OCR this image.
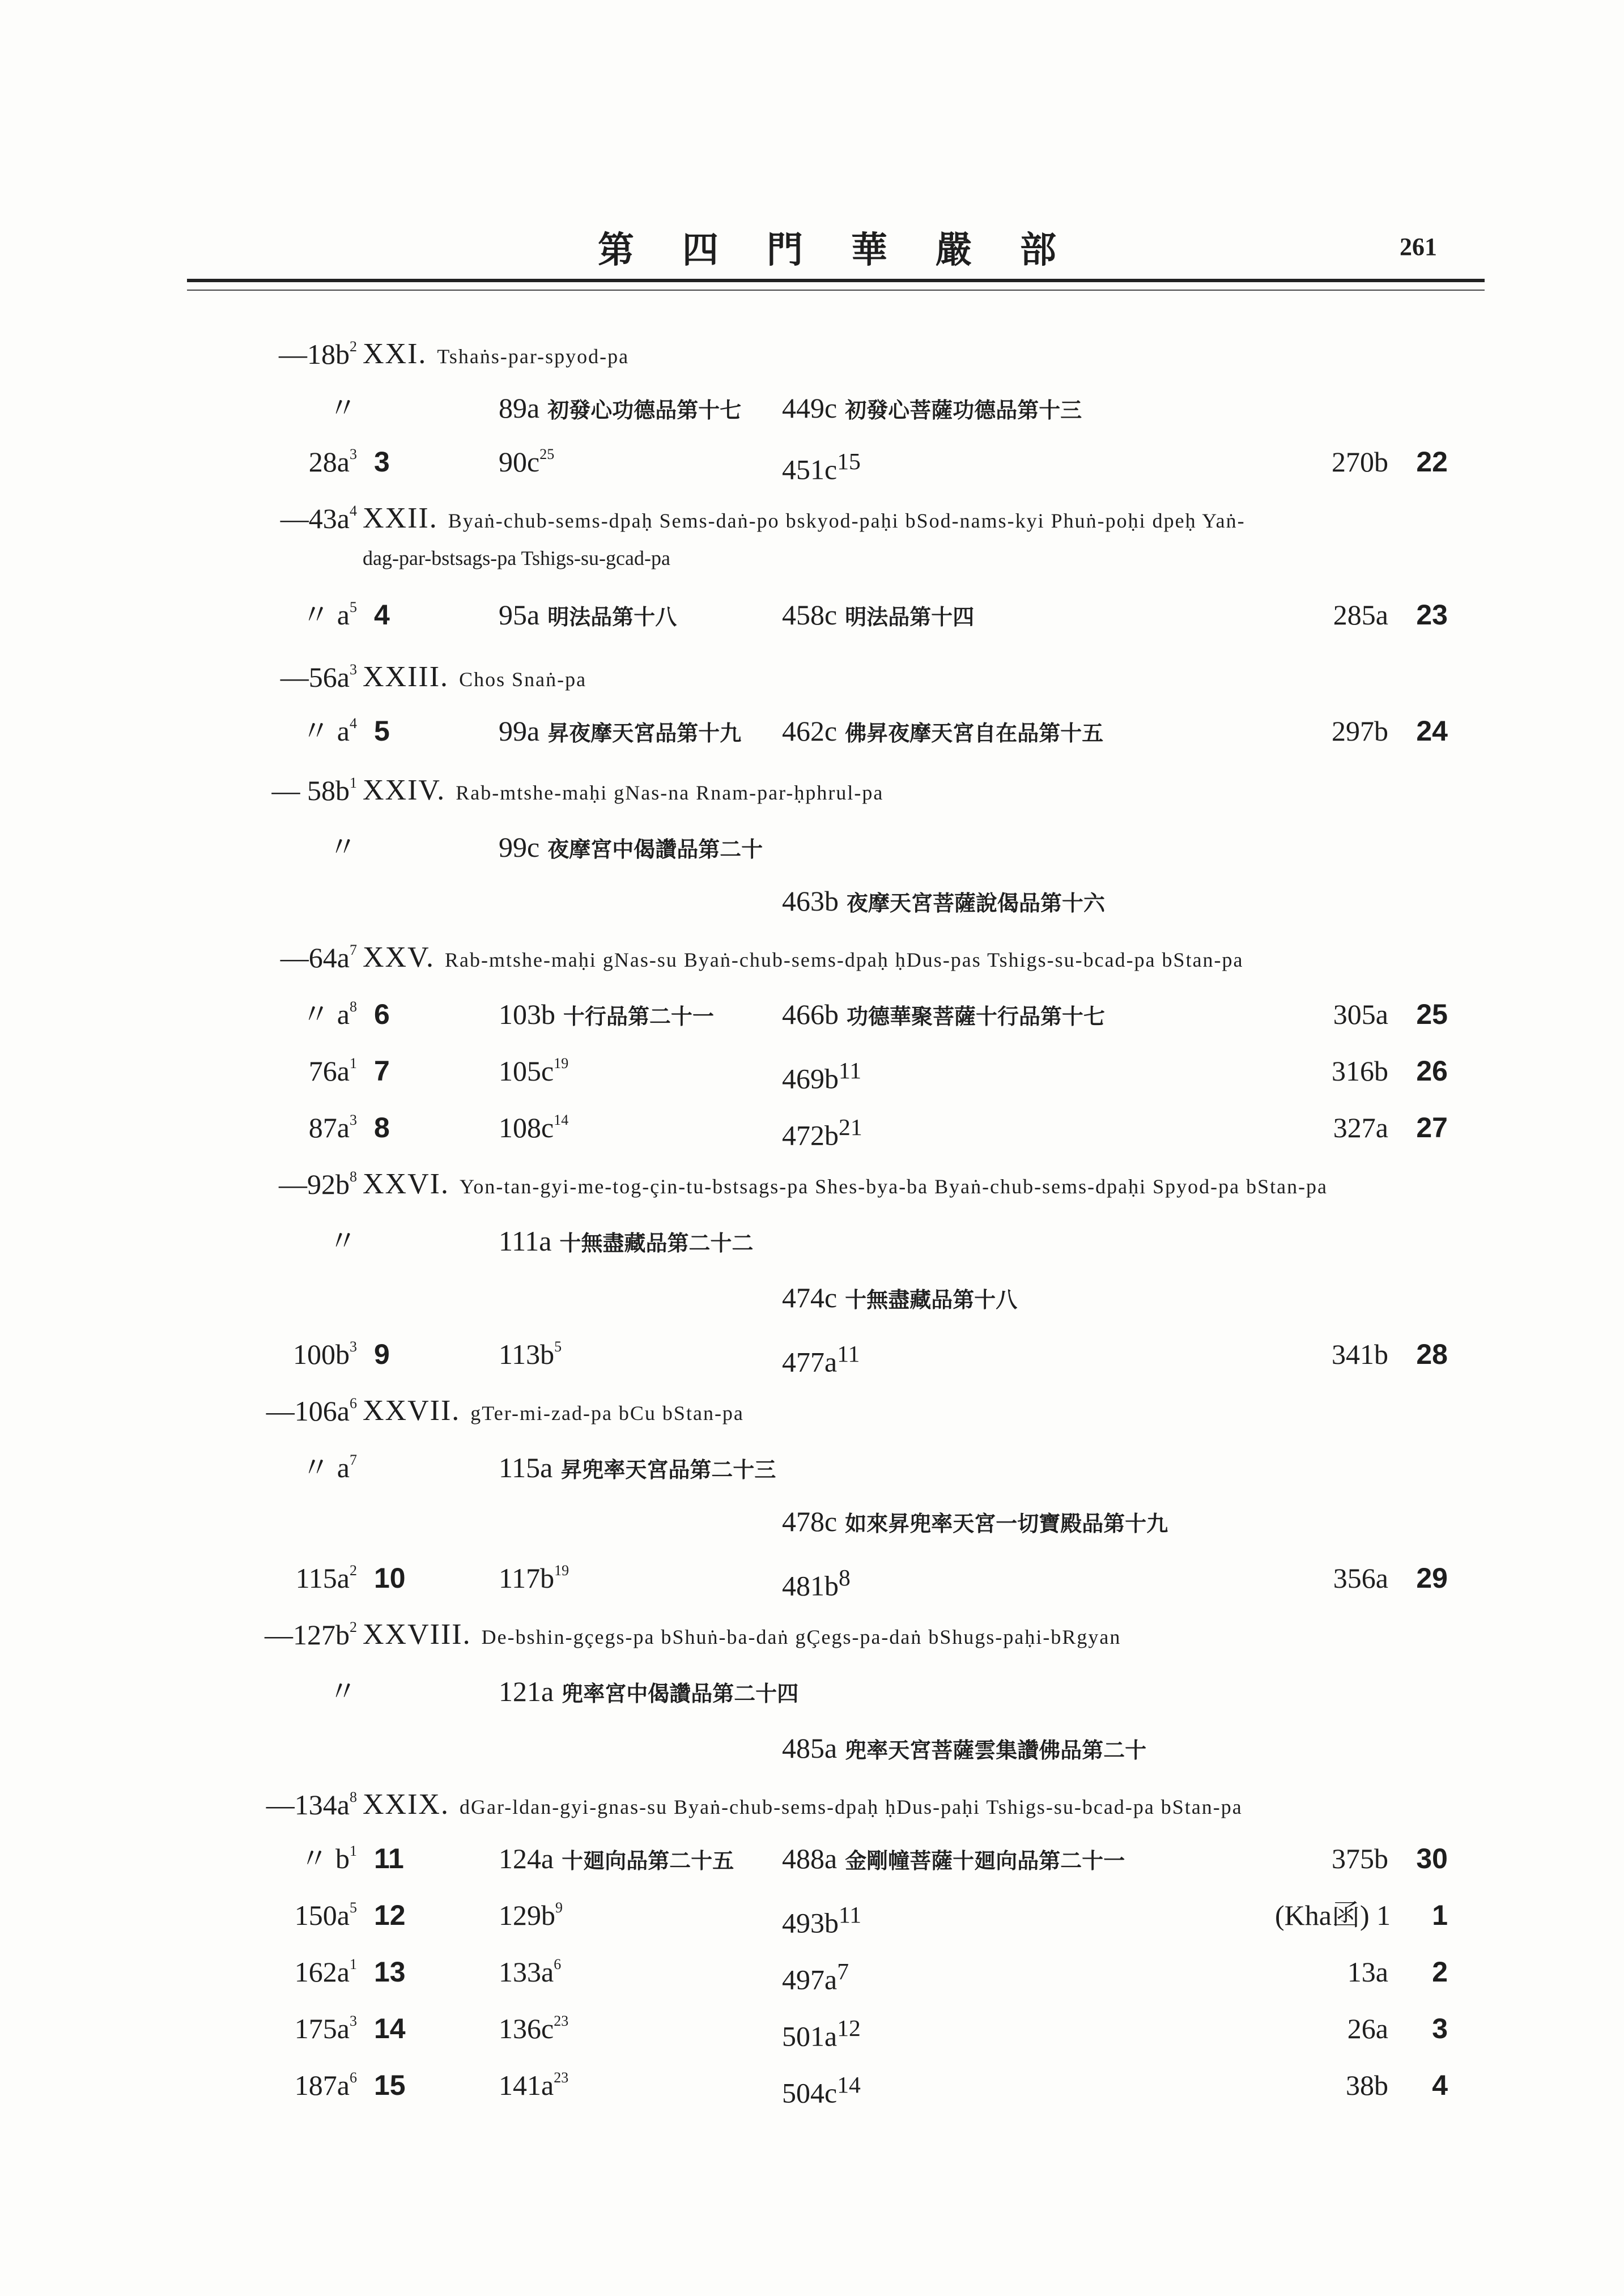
第 四 門 華 嚴 部	261
$—18b^2$ XXI. Tshaṅs-par-spyod-pa
〃	89a 初發心功德品第十七 449c 初發心菩薩功德品第十三
$28a^3$ 3	$90c^{25}$	$451c^{15}$	270b 22
$—43a^4$ XXII. Byaṅ-chub-sems-dpaḥ Sems-daṅ-po bskyod-paḥi bSod-nams-kyi Phuṅ-poḥi dpeḥ Yaṅ-
dag-par-bstsags-pa Tshigs-su-gcad-pa
〃 $a^5$ 4	95a 明法品第十八	458c 明法品第十四	285a 23
$—56a^3$ XXIII. Chos Snaṅ-pa
〃 $a^4$ 5	99a 昇夜摩天宮品第十九 462c 佛昇夜摩天宮自在品第十五	297b 24
— $58b^1$ XXIV. Rab-mtshe-maḥi gNas-na Rnam-par-ḥphrul-pa
〃	99c 夜摩宮中偈讚品第二十
463b 夜摩天宮菩薩說偈品第十六
$—64a^7$ XXV. Rab-mtshe-maḥi gNas-su Byaṅ-chub-sems-dpaḥ ḥDus-pas Tshigs-su-bcad-pa bStan-pa
〃 $a^8$ 6	103b 十行品第二十一 466b 功德華聚菩薩十行品第十七	305a 25
$76a^1$ 7	$105c^{19}$	$469b^{11}$	316b 26
$87a^3$ 8	$108c^{14}$	$472b^{21}$	327a 27
$—92b^8$ XXVI. Yon-tan-gyi-me-tog-çin-tu-bstsags-pa Shes-bya-ba Byaṅ-chub-sems-dpaḥi Spyod-pa bStan-pa
〃	111a 十無盡藏品第二十二
474c 十無盡藏品第十八
$100b^3$ 9	$113b^5$	$477a^{11}$	341b 28
$—106a^6$ XXVII. gTer-mi-zad-pa bCu bStan-pa
〃 $a^7$	115a 昇兜率天宮品第二十三
478c 如來昇兜率天宮一切寶殿品第十九
$115a^2$ 10	$117b^{19}$	$481b^8$	356a 29
$—127b^2$ XXVIII. De-bshin-gçegs-pa bShuṅ-ba-daṅ gÇegs-pa-daṅ bShugs-paḥi-bRgyan
〃	121a 兜率宮中偈讚品第二十四
485a 兜率天宮菩薩雲集讚佛品第二十
$—134a^8$ XXIX. dGar-ldan-gyi-gnas-su Byaṅ-chub-sems-dpaḥ ḥDus-paḥi Tshigs-su-bcad-pa bStan-pa
〃 $b^1$ 11	124a 十廻向品第二十五 488a 金剛幢菩薩十廻向品第二十一	375b 30
$150a^5$ 12	$129b^9$	$493b^{11}$	(Kha函) 1	1
$162a^1$ 13	$133a^6$	$497a^7$	13a	2
$175a^3$ 14	$136c^{23}$	$501a^{12}$	26a	3
$187a^6$ 15	$141a^{23}$	$504c^{14}$	38b	4
